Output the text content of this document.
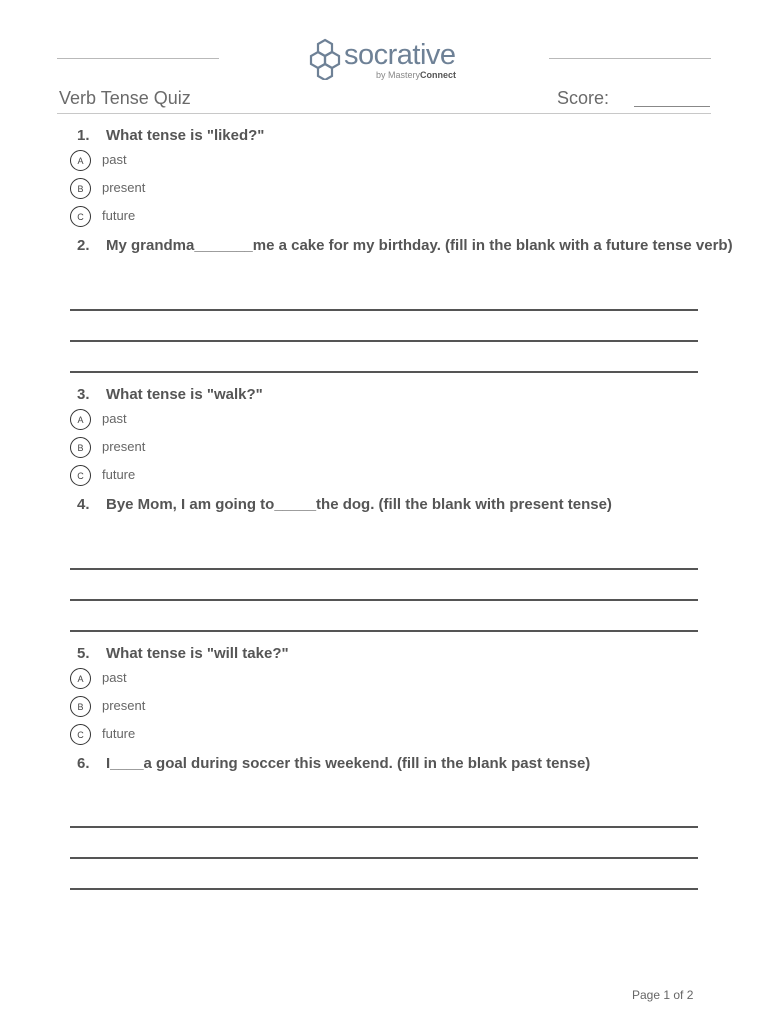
socrative
by MasteryConnect
Verb Tense Quiz	Score:
1. What tense is "liked?"
A	past
B	present
C	future
2. My grandma_______me a cake for my birthday. (fill in the blank with a future tense verb)
3. What tense is "walk?"
A	past
B	present
C	future
4. Bye Mom, I am going to_____the dog. (fill the blank with present tense)
5. What tense is "will take?"
A	past
B	present
C	future
6. I____a goal during soccer this weekend. (fill in the blank past tense)
Page 1 of 2
